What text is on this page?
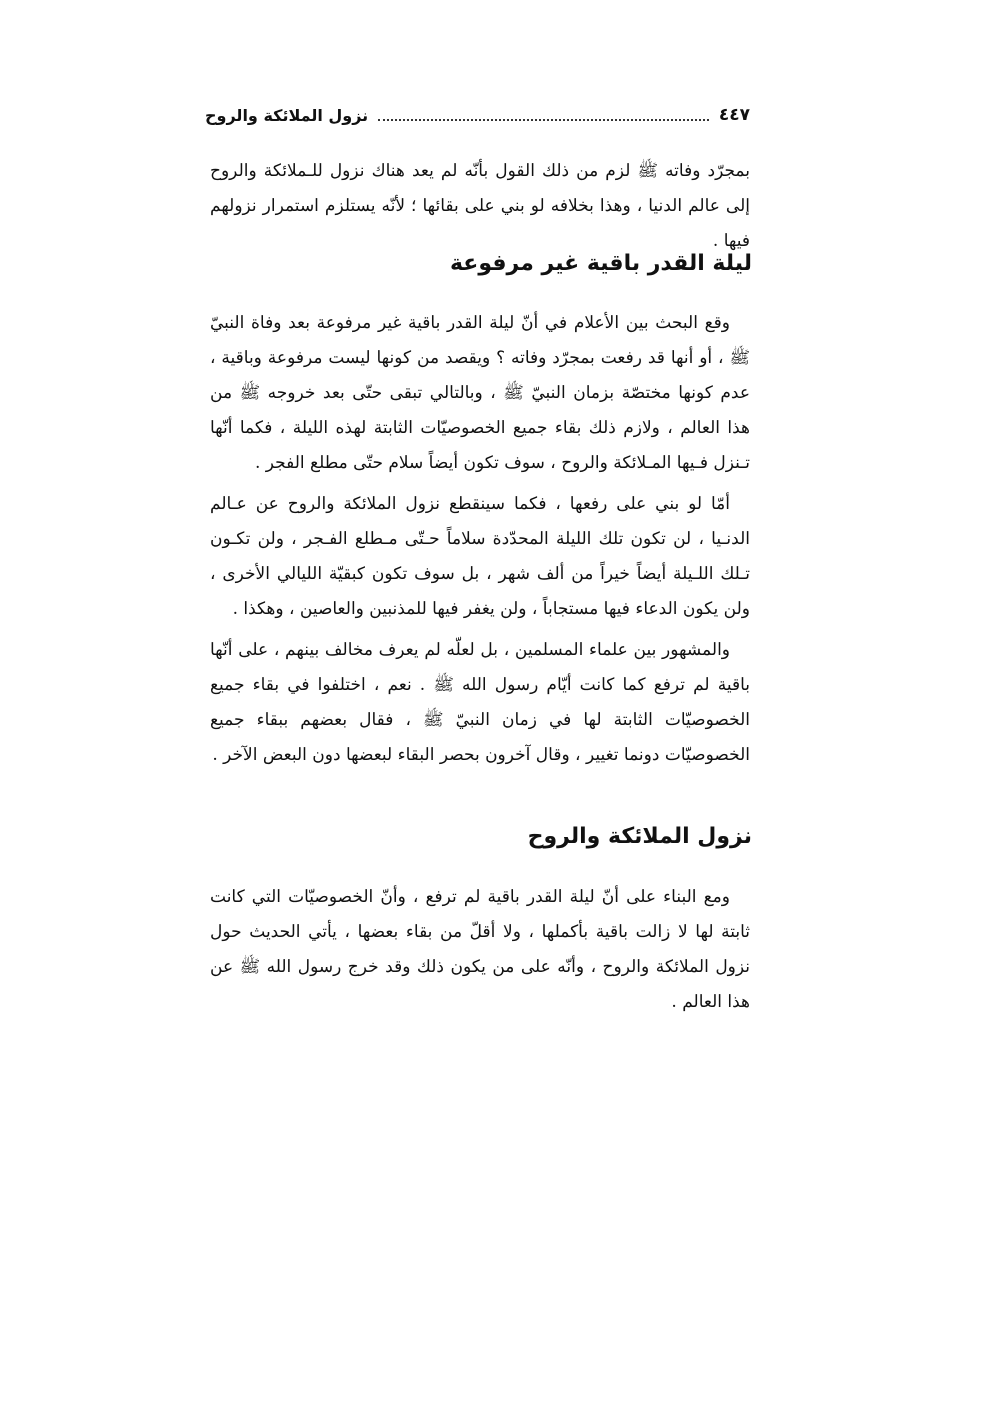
٤٤٧
نزول الملائكة والروح

بمجرّد وفاته ﷺ لزم من ذلك القول بأنّه لم يعد هناك نزول للـملائكة والروح إلى عالم الدنيا ، وهذا بخلافه لو بني على بقائها ؛ لأنّه يستلزم استمرار نزولهم فيها .

ليلة القدر باقية غير مرفوعة

وقع البحث بين الأعلام في أنّ ليلة القدر باقية غير مرفوعة بعد وفاة النبيّ ﷺ ، أو أنها قد رفعت بمجرّد وفاته ؟ ويقصد من كونها ليست مرفوعة وباقية ، عدم كونها مختصّة بزمان النبيّ ﷺ ، وبالتالي تبقى حتّى بعد خروجه ﷺ من هذا العالم ، ولازم ذلك بقاء جميع الخصوصيّات الثابتة لهذه الليلة ، فكما أنّها تـنزل فـيها المـلائكة والروح ، سوف تكون أيضاً سلام حتّى مطلع الفجر .

أمّا لو بني على رفعها ، فكما سينقطع نزول الملائكة والروح عن عـالم الدنـيا ، لن تكون تلك الليلة المحدّدة سلاماً حـتّى مـطلع الفـجر ، ولن تكـون تـلك اللـيلة أيضاً خيراً من ألف شهر ، بل سوف تكون كبقيّة الليالي الأخرى ، ولن يكون الدعاء فيها مستجاباً ، ولن يغفر فيها للمذنبين والعاصين ، وهكذا .

والمشهور بين علماء المسلمين ، بل لعلّه لم يعرف مخالف بينهم ، على أنّها باقية لم ترفع كما كانت أيّام رسول الله ﷺ . نعم ، اختلفوا في بقاء جميع الخصوصيّات الثابتة لها في زمان النبيّ ﷺ ، فقال بعضهم ببقاء جميع الخصوصيّات دونما تغيير ، وقال آخرون بحصر البقاء لبعضها دون البعض الآخر .

نزول الملائكة والروح

ومع البناء على أنّ ليلة القدر باقية لم ترفع ، وأنّ الخصوصيّات التي كانت ثابتة لها لا زالت باقية بأكملها ، ولا أقلّ من بقاء بعضها ، يأتي الحديث حول نزول الملائكة والروح ، وأنّه على من يكون ذلك وقد خرج رسول الله ﷺ عن هذا العالم .
